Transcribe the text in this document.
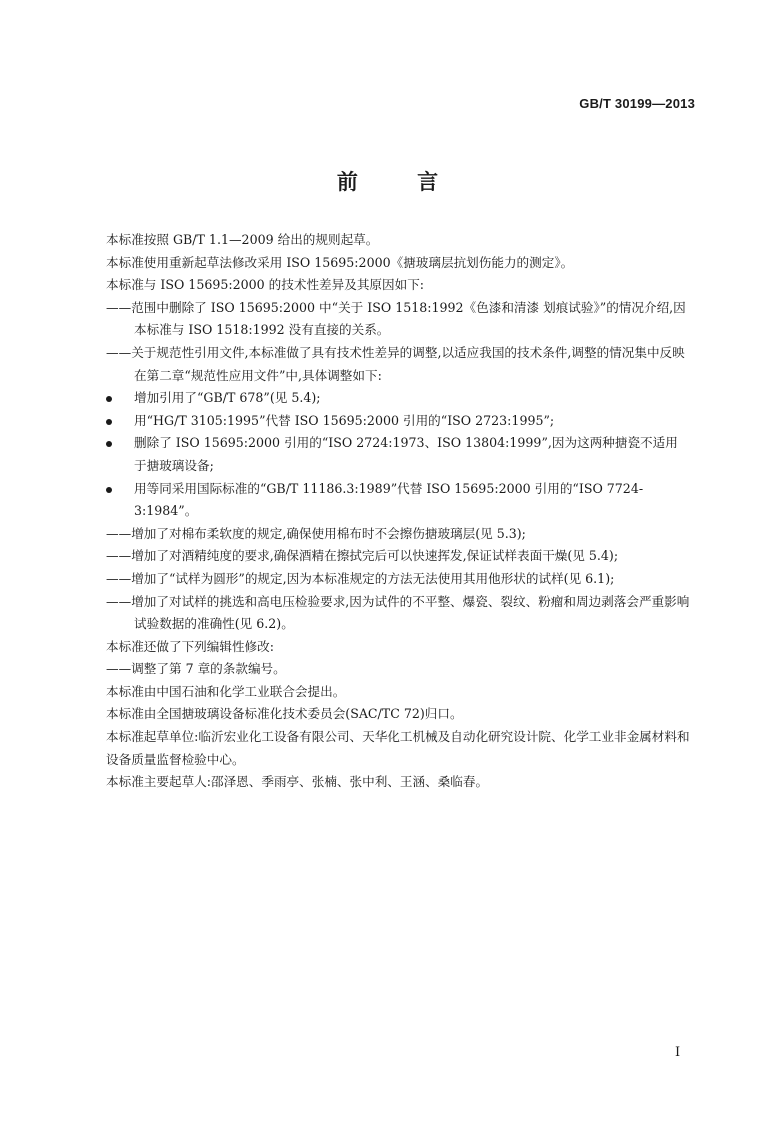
GB/T 30199—2013
前 言

本标准按照 GB/T 1.1—2009 给出的规则起草。

本标准使用重新起草法修改采用 ISO 15695:2000《搪玻璃层抗划伤能力的测定》。

本标准与 ISO 15695:2000 的技术性差异及其原因如下:

——范围中删除了 ISO 15695:2000 中“关于 ISO 1518:1992《色漆和清漆 划痕试验》”的情况介绍,因本标准与 ISO 1518:1992 没有直接的关系。

——关于规范性引用文件,本标准做了具有技术性差异的调整,以适应我国的技术条件,调整的情况集中反映在第二章“规范性应用文件”中,具体调整如下:

增加引用了“GB/T 678”(见 5.4);
用“HG/T 3105:1995”代替 ISO 15695:2000 引用的“ISO 2723:1995”;
删除了 ISO 15695:2000 引用的“ISO 2724:1973、ISO 13804:1999”,因为这两种搪瓷不适用于搪玻璃设备;
用等同采用国际标准的“GB/T 11186.3:1989”代替 ISO 15695:2000 引用的“ISO 7724-3:1984”。

——增加了对棉布柔软度的规定,确保使用棉布时不会擦伤搪玻璃层(见 5.3);

——增加了对酒精纯度的要求,确保酒精在擦拭完后可以快速挥发,保证试样表面干燥(见 5.4);

——增加了“试样为圆形”的规定,因为本标准规定的方法无法使用其用他形状的试样(见 6.1);

——增加了对试样的挑选和高电压检验要求,因为试件的不平整、爆瓷、裂纹、粉瘤和周边剥落会严重影响试验数据的准确性(见 6.2)。

本标准还做了下列编辑性修改:

——调整了第 7 章的条款编号。

本标准由中国石油和化学工业联合会提出。

本标准由全国搪玻璃设备标准化技术委员会(SAC/TC 72)归口。

本标准起草单位:临沂宏业化工设备有限公司、天华化工机械及自动化研究设计院、化学工业非金属材料和设备质量监督检验中心。

本标准主要起草人:邵泽恩、季雨亭、张楠、张中利、王涵、桑临春。

I
